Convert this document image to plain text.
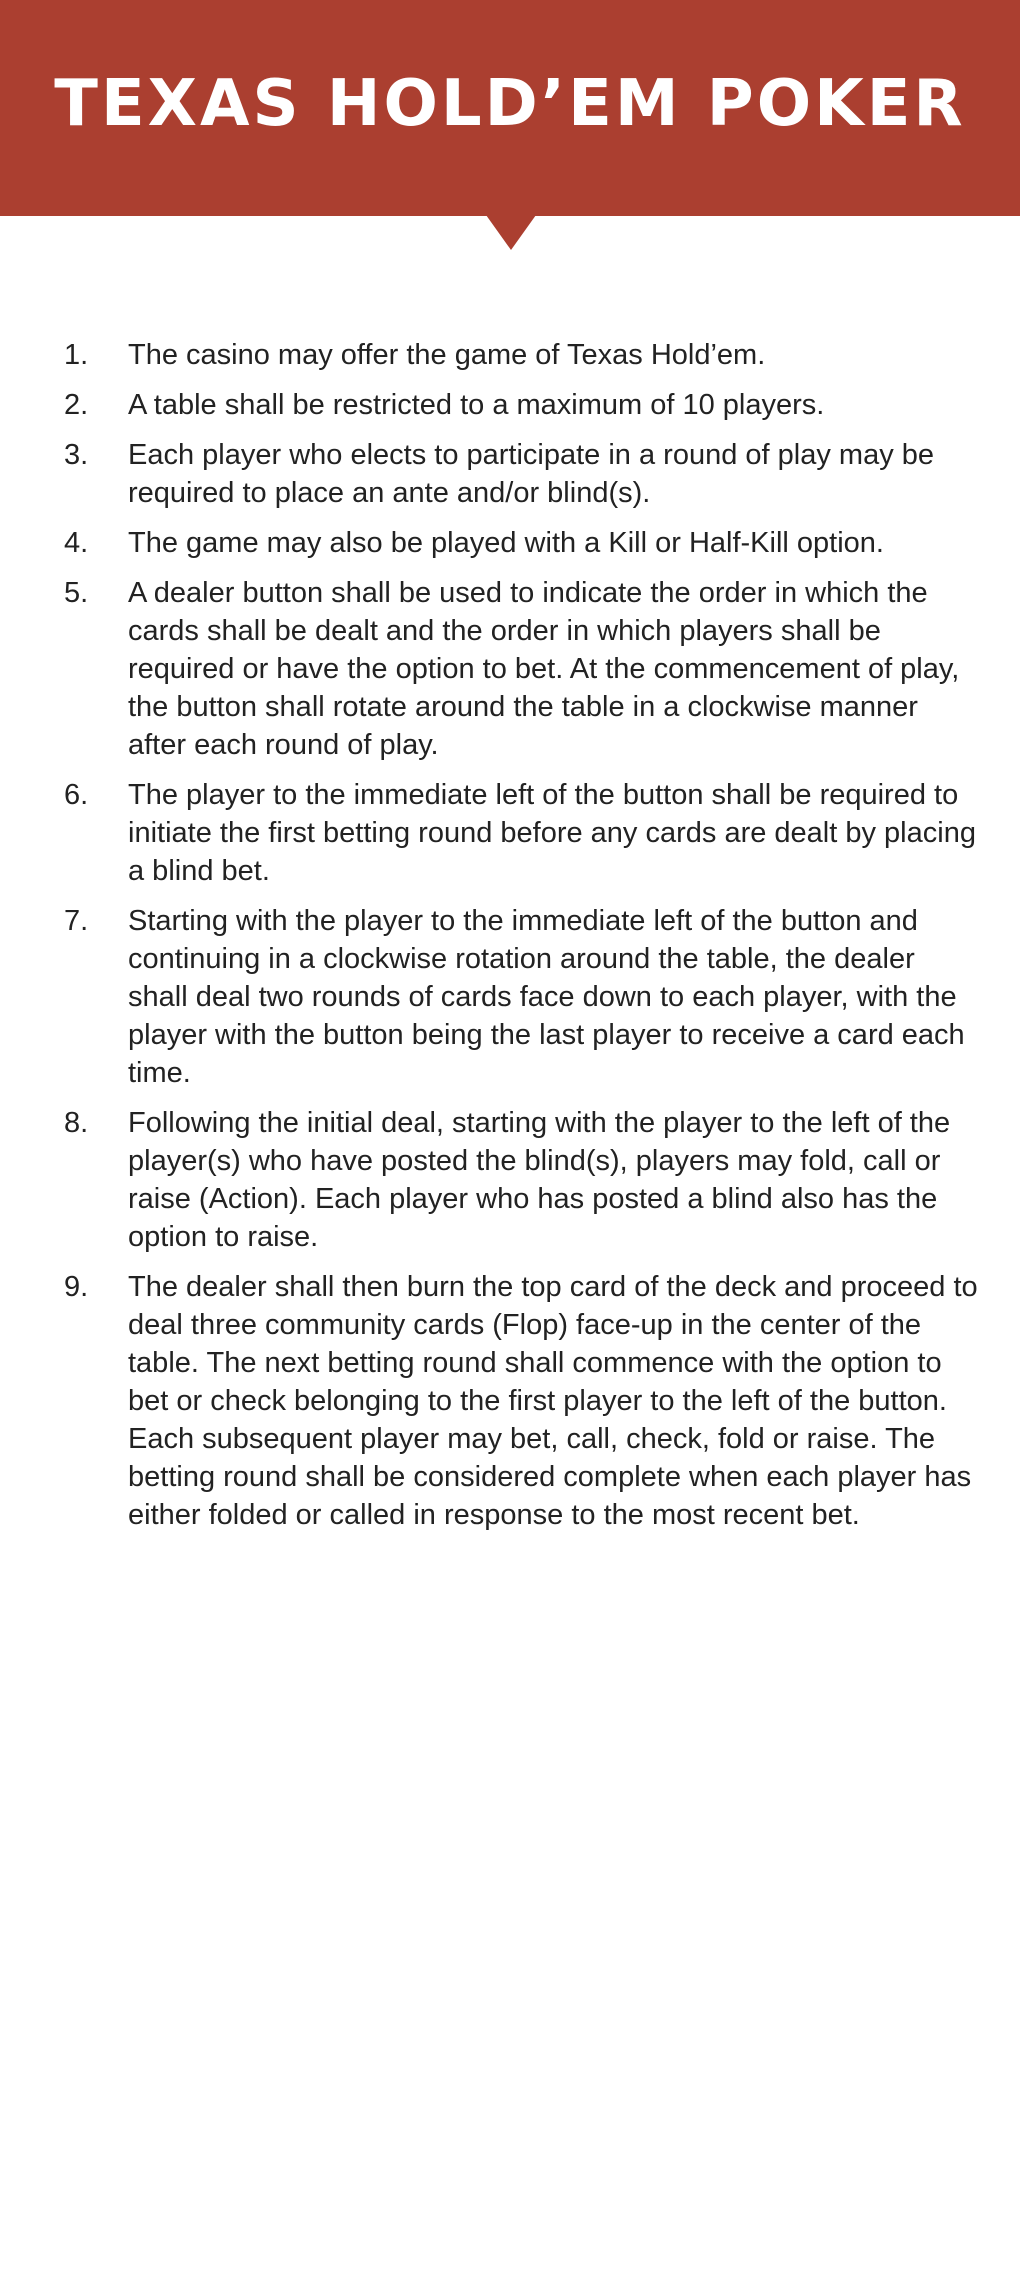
TEXAS HOLD’EM POKER
1. The casino may offer the game of Texas Hold’em.
2. A table shall be restricted to a maximum of 10 players.
3. Each player who elects to participate in a round of play may be required to place an ante and/or blind(s).
4. The game may also be played with a Kill or Half-Kill option.
5. A dealer button shall be used to indicate the order in which the cards shall be dealt and the order in which players shall be required or have the option to bet. At the commencement of play, the button shall rotate around the table in a clockwise manner after each round of play.
6. The player to the immediate left of the button shall be required to initiate the first betting round before any cards are dealt by placing a blind bet.
7. Starting with the player to the immediate left of the button and continuing in a clockwise rotation around the table, the dealer shall deal two rounds of cards face down to each player, with the player with the button being the last player to receive a card each time.
8. Following the initial deal, starting with the player to the left of the player(s) who have posted the blind(s), players may fold, call or raise (Action). Each player who has posted a blind also has the option to raise.
9. The dealer shall then burn the top card of the deck and proceed to deal three community cards (Flop) face-up in the center of the table. The next betting round shall commence with the option to bet or check belonging to the first player to the left of the button. Each subsequent player may bet, call, check, fold or raise. The betting round shall be considered complete when each player has either folded or called in response to the most recent bet.
